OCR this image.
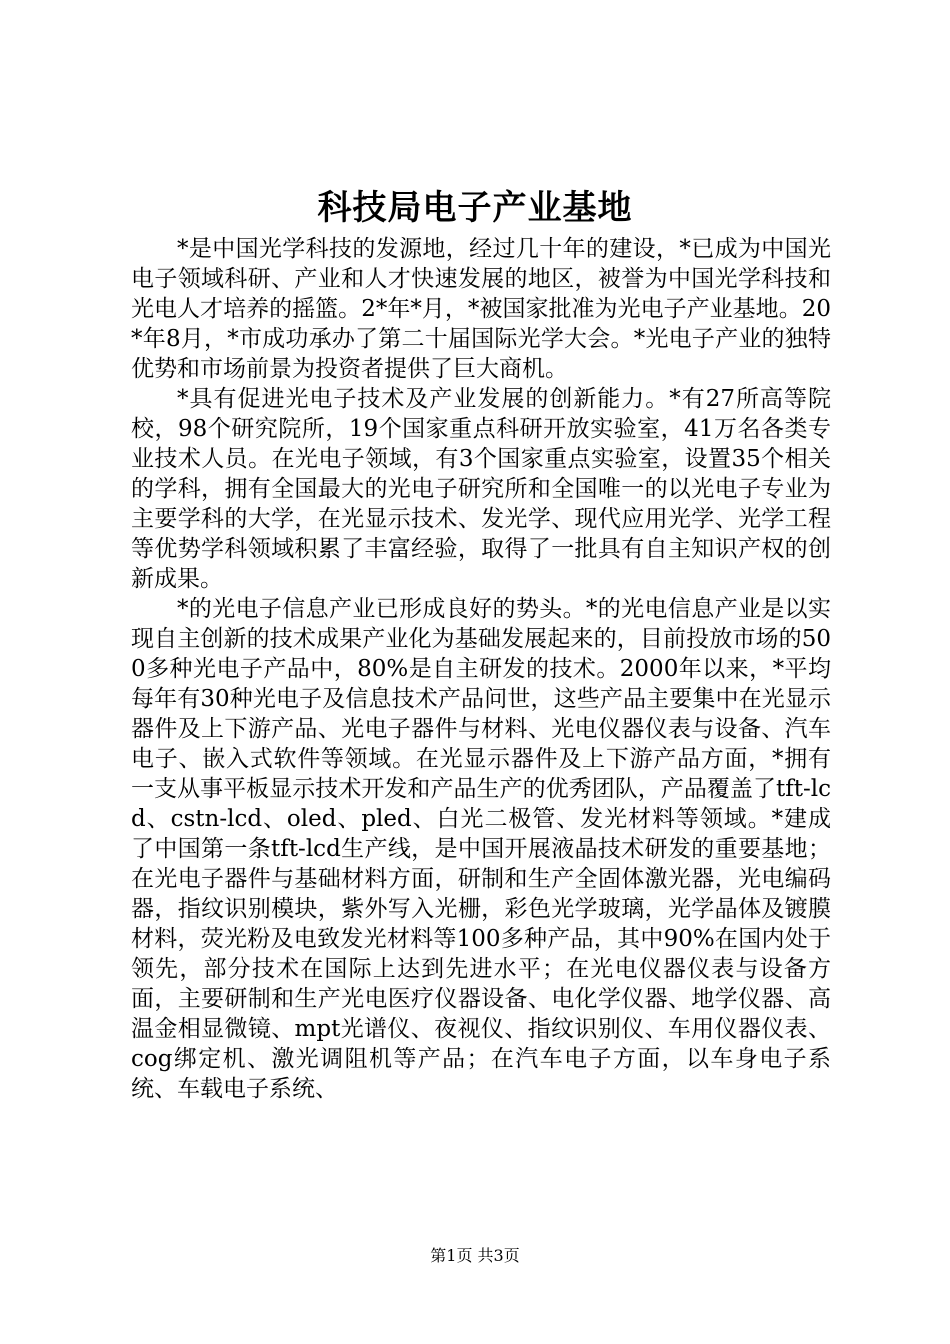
科技局电子产业基地

*是中国光学科技的发源地，经过几十年的建设，*已成为中国光电子领域科研、产业和人才快速发展的地区，被誉为中国光学科技和光电人才培养的摇篮。2*年*月，*被国家批准为光电子产业基地。20*年8月，*市成功承办了第二十届国际光学大会。*光电子产业的独特优势和市场前景为投资者提供了巨大商机。

*具有促进光电子技术及产业发展的创新能力。*有27所高等院校，98个研究院所，19个国家重点科研开放实验室，41万名各类专业技术人员。在光电子领域，有3个国家重点实验室，设置35个相关的学科，拥有全国最大的光电子研究所和全国唯一的以光电子专业为主要学科的大学，在光显示技术、发光学、现代应用光学、光学工程等优势学科领域积累了丰富经验，取得了一批具有自主知识产权的创新成果。

*的光电子信息产业已形成良好的势头。*的光电信息产业是以实现自主创新的技术成果产业化为基础发展起来的，目前投放市场的500多种光电子产品中，80%是自主研发的技术。2000年以来，*平均每年有30种光电子及信息技术产品问世，这些产品主要集中在光显示器件及上下游产品、光电子器件与材料、光电仪器仪表与设备、汽车电子、嵌入式软件等领域。在光显示器件及上下游产品方面，*拥有一支从事平板显示技术开发和产品生产的优秀团队，产品覆盖了tft-lcd、cstn-lcd、oled、pled、白光二极管、发光材料等领域。*建成了中国第一条tft-lcd生产线，是中国开展液晶技术研发的重要基地；在光电子器件与基础材料方面，研制和生产全固体激光器，光电编码器，指纹识别模块，紫外写入光栅，彩色光学玻璃，光学晶体及镀膜材料，荧光粉及电致发光材料等100多种产品，其中90%在国内处于领先，部分技术在国际上达到先进水平；在光电仪器仪表与设备方面，主要研制和生产光电医疗仪器设备、电化学仪器、地学仪器、高温金相显微镜、mpt光谱仪、夜视仪、指纹识别仪、车用仪器仪表、cog绑定机、激光调阻机等产品；在汽车电子方面，以车身电子系统、车载电子系统、

第1页 共3页
